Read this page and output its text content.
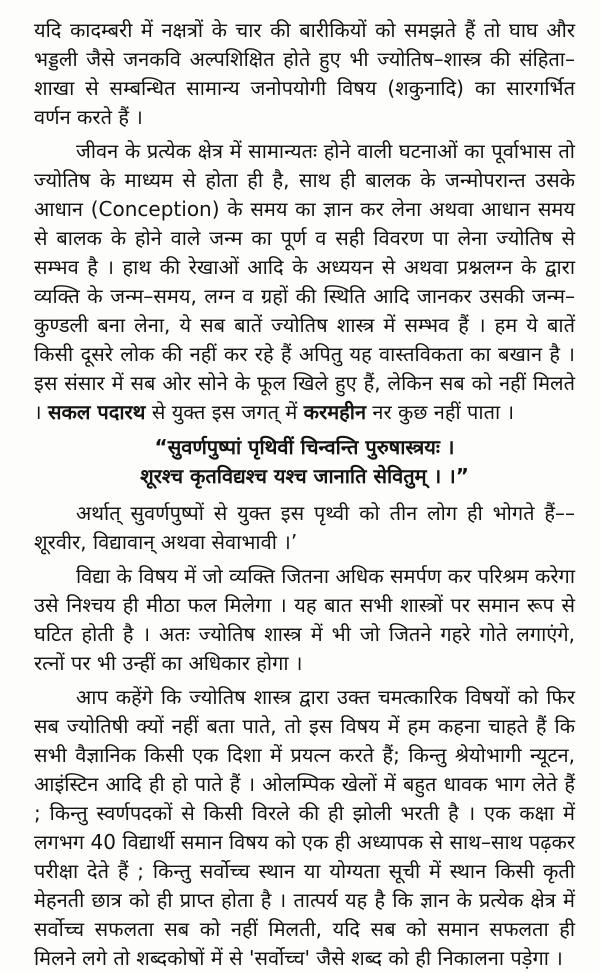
यदि कादम्बरी में नक्षत्रों के चार की बारीकियों को समझते हैं तो घाघ और भड्डली जैसे जनकवि अल्पशिक्षित होते हुए भी ज्योतिष–शास्त्र की संहिता–शाखा से सम्बन्धित सामान्य जनोपयोगी विषय (शकुनादि) का सारगर्भित वर्णन करते हैं ।

जीवन के प्रत्येक क्षेत्र में सामान्यतः होने वाली घटनाओं का पूर्वाभास तो ज्योतिष के माध्यम से होता ही है, साथ ही बालक के जन्मोपरान्त उसके आधान (Conception) के समय का ज्ञान कर लेना अथवा आधान समय से बालक के होने वाले जन्म का पूर्ण व सही विवरण पा लेना ज्योतिष से सम्भव है । हाथ की रेखाओं आदि के अध्ययन से अथवा प्रश्नलग्न के द्वारा व्यक्ति के जन्म–समय, लग्न व ग्रहों की स्थिति आदि जानकर उसकी जन्म–कुण्डली बना लेना, ये सब बातें ज्योतिष शास्त्र में सम्भव हैं । हम ये बातें किसी दूसरे लोक की नहीं कर रहे हैं अपितु यह वास्तविकता का बखान है । इस संसार में सब ओर सोने के फूल खिले हुए हैं, लेकिन सब को नहीं मिलते । सकल पदारथ से युक्त इस जगत् में करमहीन नर कुछ नहीं पाता ।

“सुवर्णपुष्पां पृथिवीं चिन्वन्ति पुरुषास्त्रयः ।
शूरश्च कृतविद्यश्च यश्च जानाति सेवितुम् । ।”

अर्थात् सुवर्णपुष्पों से युक्त इस पृथ्वी को तीन लोग ही भोगते हैं––शूरवीर, विद्यावान् अथवा सेवाभावी ।’

विद्या के विषय में जो व्यक्ति जितना अधिक समर्पण कर परिश्रम करेगा उसे निश्चय ही मीठा फल मिलेगा । यह बात सभी शास्त्रों पर समान रूप से घटित होती है । अतः ज्योतिष शास्त्र में भी जो जितने गहरे गोते लगाएंगे, रत्नों पर भी उन्हीं का अधिकार होगा ।

आप कहेंगे कि ज्योतिष शास्त्र द्वारा उक्त चमत्कारिक विषयों को फिर सब ज्योतिषी क्यों नहीं बता पाते, तो इस विषय में हम कहना चाहते हैं कि सभी वैज्ञानिक किसी एक दिशा में प्रयत्न करते हैं; किन्तु श्रेयोभागी न्यूटन, आइंस्टिन आदि ही हो पाते हैं । ओलम्पिक खेलों में बहुत धावक भाग लेते हैं ; किन्तु स्वर्णपदकों से किसी विरले की ही झोली भरती है । एक कक्षा में लगभग 40 विद्यार्थी समान विषय को एक ही अध्यापक से साथ–साथ पढ़कर परीक्षा देते हैं ; किन्तु सर्वोच्च स्थान या योग्यता सूची में स्थान किसी कृती मेहनती छात्र को ही प्राप्त होता है । तात्पर्य यह है कि ज्ञान के प्रत्येक क्षेत्र में सर्वोच्च सफलता सब को नहीं मिलती, यदि सब को समान सफलता ही मिलने लगे तो शब्दकोषों में से 'सर्वोच्च' जैसे शब्द को ही निकालना पड़ेगा ।
